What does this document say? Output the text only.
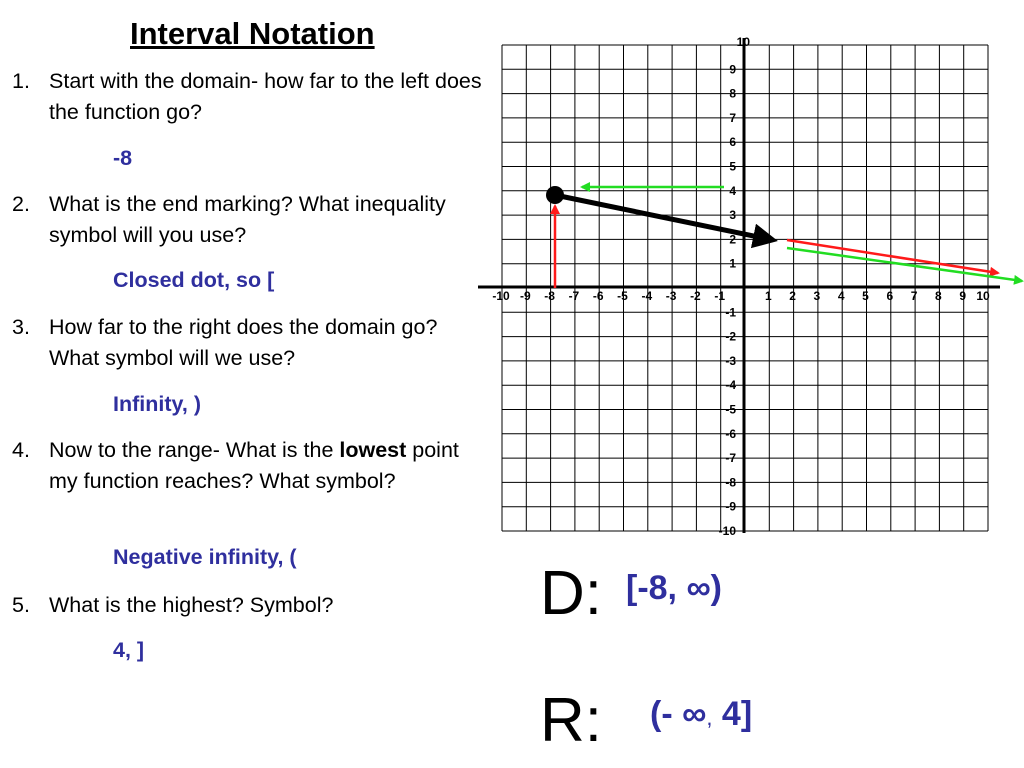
Interval Notation
1. Start with the domain- how far to the left does the function go?
-8
2. What is the end marking? What inequality symbol will you use?
Closed dot, so [
3. How far to the right does the domain go? What symbol will we use?
Infinity, )
4. Now to the range- What is the lowest point my function reaches? What symbol?
Negative infinity, (
5. What is the highest? Symbol?
4, ]
-10 -9 -8 -7 -6 -5 -4 -3 -2 -1	1 2 3 4 5 6 7 8 9 10
10
9
8
7
6
5
4
3
2
1
-1
-2
-3
-4
-5
-6
-7
-8
-9
-10
D: [-8, ∞)
R: (- ∞, 4]
